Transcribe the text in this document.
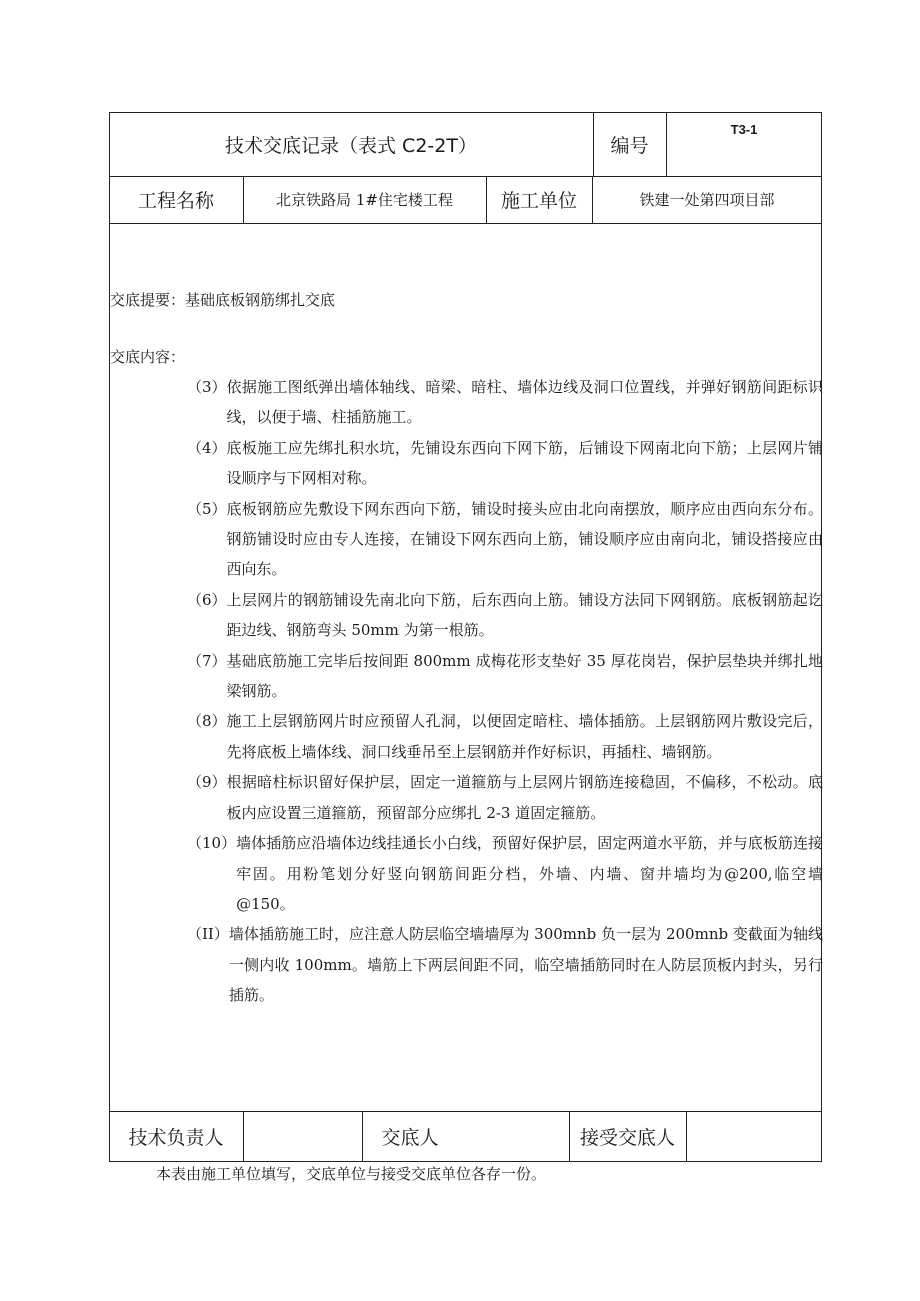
技术交底记录（表式 C2-2T）	编号
T3-1
工程名称	北京铁路局 1#住宅楼工程	施工单位	铁建一处第四项目部
交底提要：基础底板钢筋绑扎交底
交底内容：
（3） 依据施工图纸弹出墙体轴线、暗梁、暗柱、墙体边线及洞口位置线，并弹好钢筋间距标识线，以便于墙、柱插筋施工。
（4） 底板施工应先绑扎积水坑，先铺设东西向下网下筋，后铺设下网南北向下筋；上层网片铺设顺序与下网相对称。
（5） 底板钢筋应先敷设下网东西向下筋，铺设时接头应由北向南摆放，顺序应由西向东分布。钢筋铺设时应由专人连接，在铺设下网东西向上筋，铺设顺序应由南向北，铺设搭接应由西向东。
（6） 上层网片的钢筋铺设先南北向下筋，后东西向上筋。铺设方法同下网钢筋。底板钢筋起讫距边线、钢筋弯头 50mm 为第一根筋。
（7） 基础底筋施工完毕后按间距 800mm 成梅花形支垫好 35 厚花岗岩，保护层垫块并绑扎地梁钢筋。
（8） 施工上层钢筋网片时应预留人孔洞，以便固定暗柱、墙体插筋。上层钢筋网片敷设完后，先将底板上墙体线、洞口线垂吊至上层钢筋并作好标识，再插柱、墙钢筋。
（9） 根据暗柱标识留好保护层，固定一道箍筋与上层网片钢筋连接稳固，不偏移，不松动。底板内应设置三道箍筋，预留部分应绑扎 2-3 道固定箍筋。
（10） 墙体插筋应沿墙体边线挂通长小白线，预留好保护层，固定两道水平筋，并与底板筋连接牢固。用粉笔划分好竖向钢筋间距分档，外墙、内墙、窗井墙均为@200,临空墙@150。
（II） 墙体插筋施工时，应注意人防层临空墙墙厚为 300mnb 负一层为 200mnb 变截面为轴线一侧内收 100mm。墙筋上下两层间距不同，临空墙插筋同时在人防层顶板内封头，另行插筋。
技术负责人	交底人	接受交底人
本表由施工单位填写，交底单位与接受交底单位各存一份。
